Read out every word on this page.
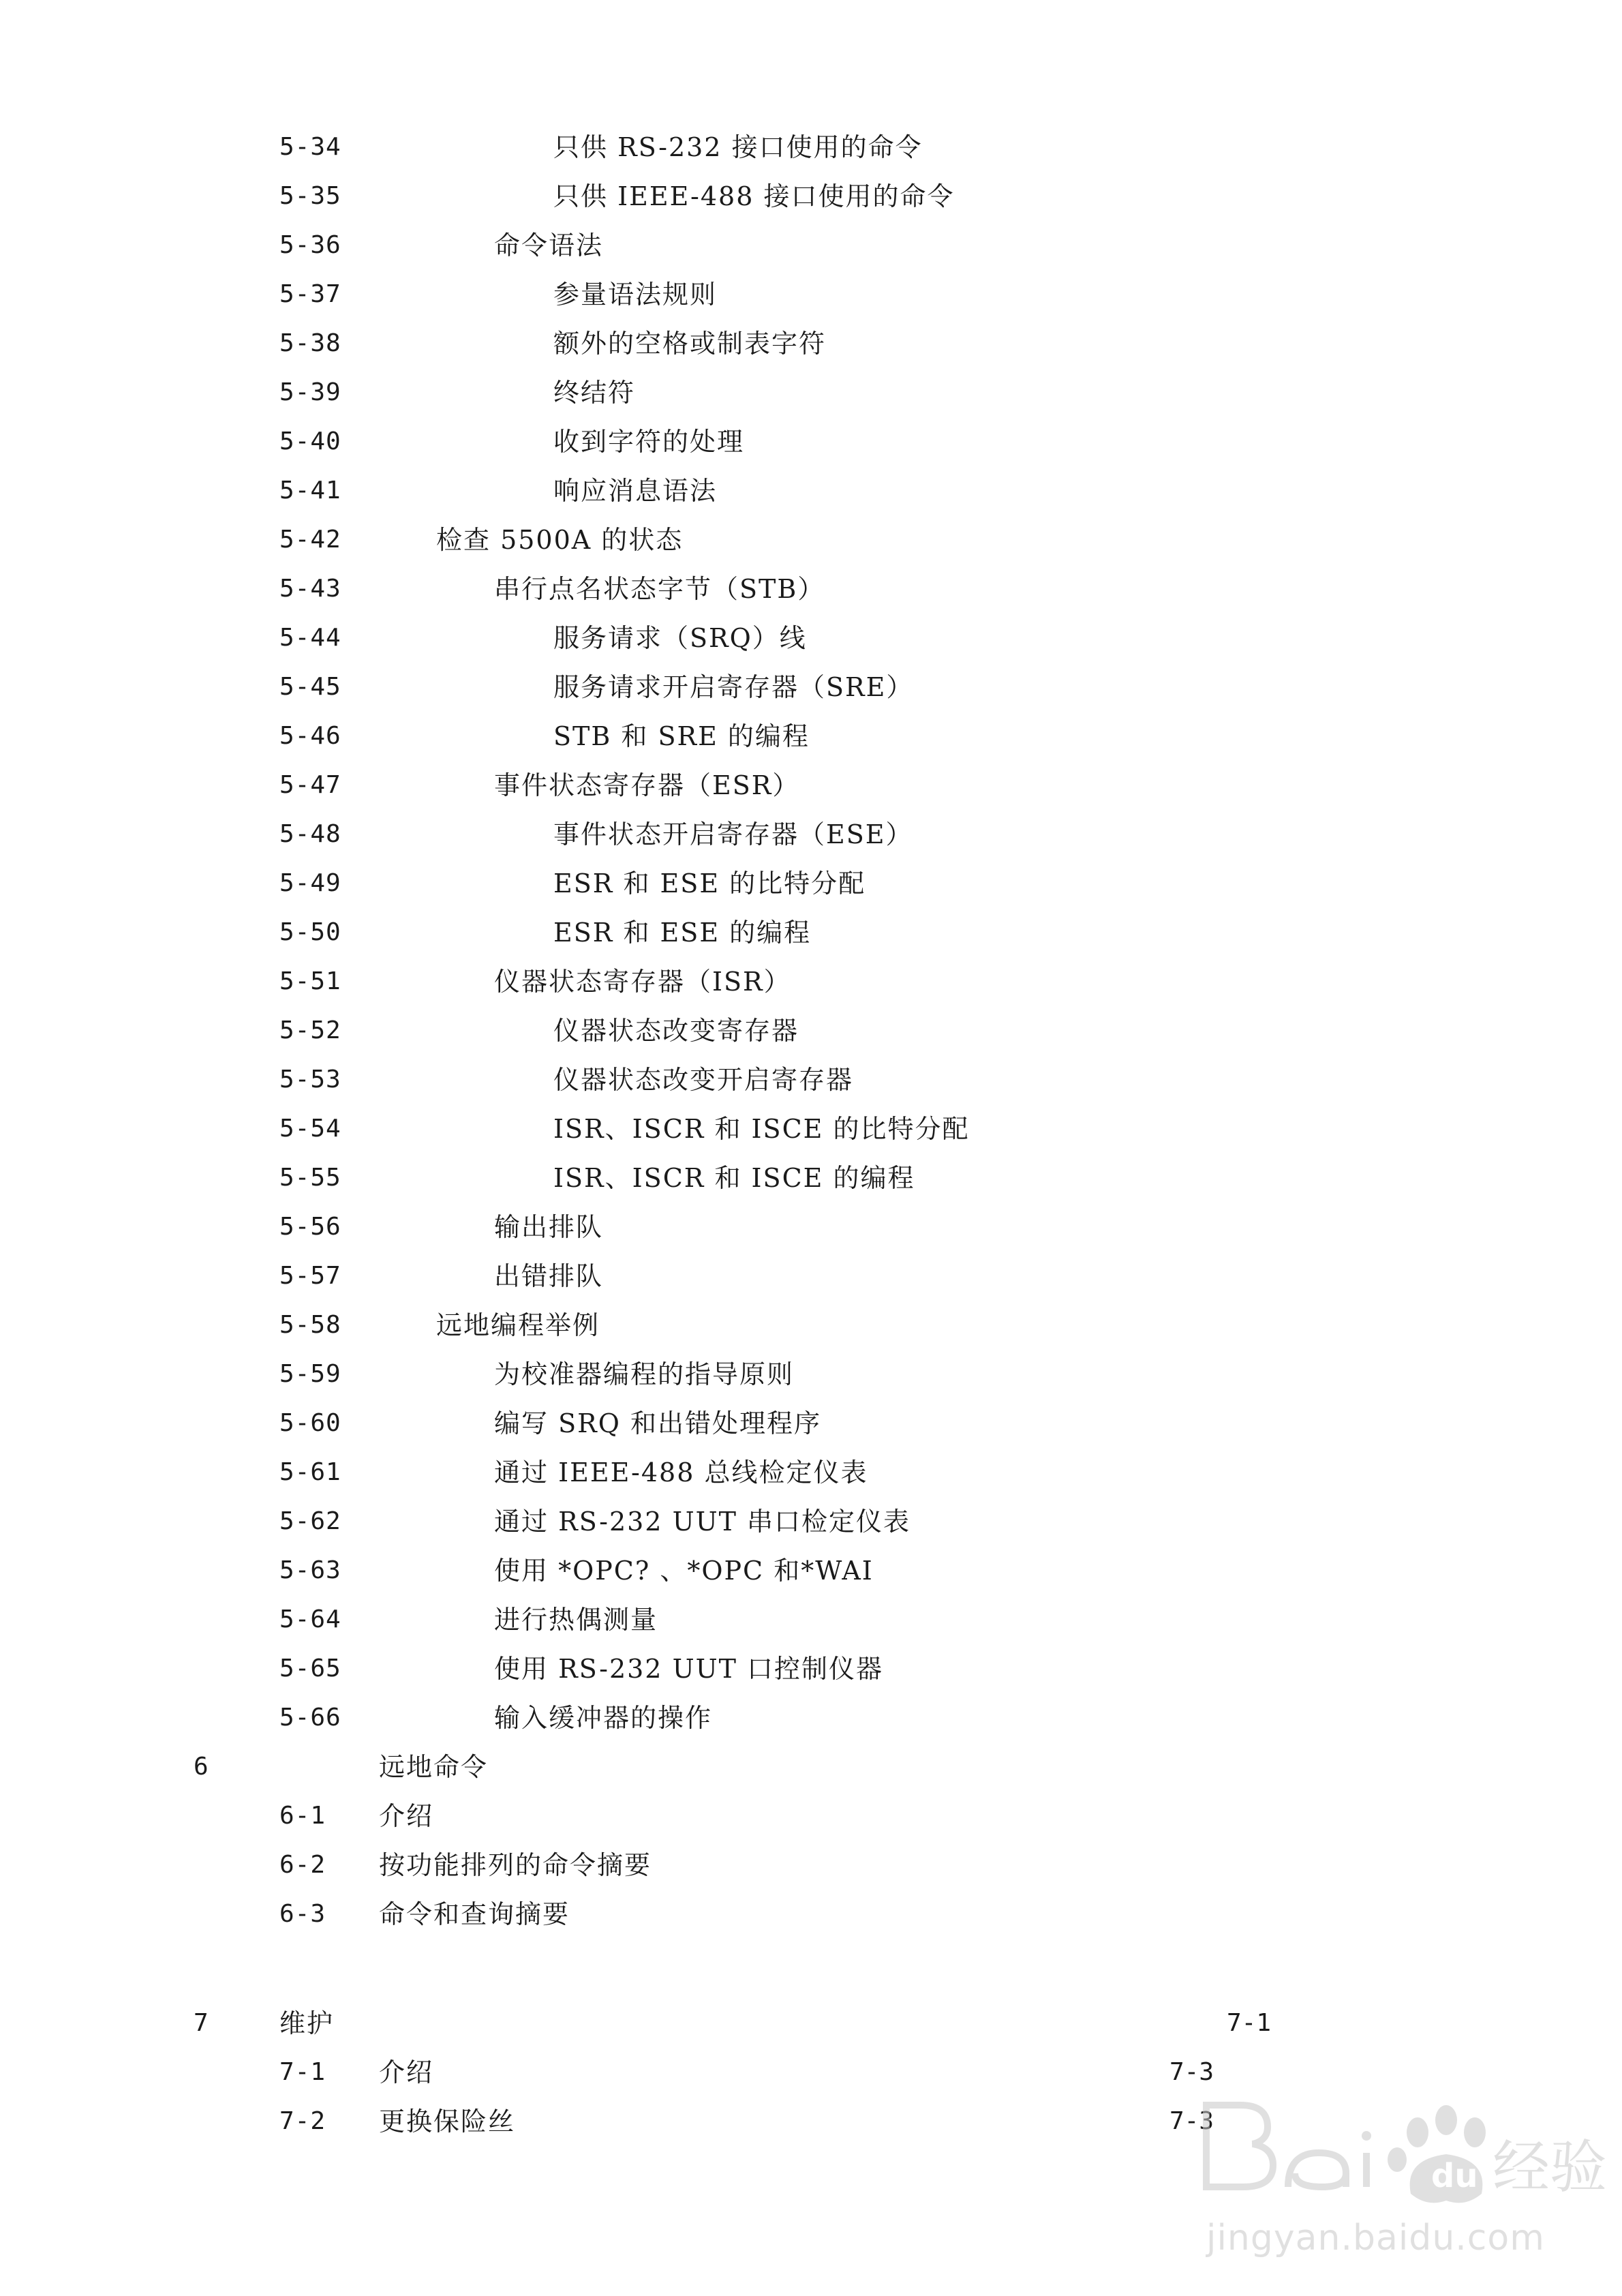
5-34	只供 RS-232 接口使用的命令
5-35	只供 IEEE-488 接口使用的命令
5-36	命令语法
5-37	参量语法规则
5-38	额外的空格或制表字符
5-39	终结符
5-40	收到字符的处理
5-41	响应消息语法
5-42	检查 5500A 的状态
5-43	串行点名状态字节（STB）
5-44	服务请求（SRQ）线
5-45	服务请求开启寄存器（SRE）
5-46	STB 和 SRE 的编程
5-47	事件状态寄存器（ESR）
5-48	事件状态开启寄存器（ESE）
5-49	ESR 和 ESE 的比特分配
5-50	ESR 和 ESE 的编程
5-51	仪器状态寄存器（ISR）
5-52	仪器状态改变寄存器
5-53	仪器状态改变开启寄存器
5-54	ISR、ISCR 和 ISCE 的比特分配
5-55	ISR、ISCR 和 ISCE 的编程
5-56	输出排队
5-57	出错排队
5-58	远地编程举例
5-59	为校准器编程的指导原则
5-60	编写 SRQ 和出错处理程序
5-61	通过 IEEE-488 总线检定仪表
5-62	通过 RS-232 UUT 串口检定仪表
5-63	使用 *OPC? 、*OPC 和*WAI
5-64	进行热偶测量
5-65	使用 RS-232 UUT 口控制仪器
5-66	输入缓冲器的操作
6	远地命令
6-1 介绍
6-2 按功能排列的命令摘要
6-3 命令和查询摘要
7	维护	7-1
7-1 介绍	7-3
7-2 更换保险丝	7-3
du 经验
jingyan.baidu.com
